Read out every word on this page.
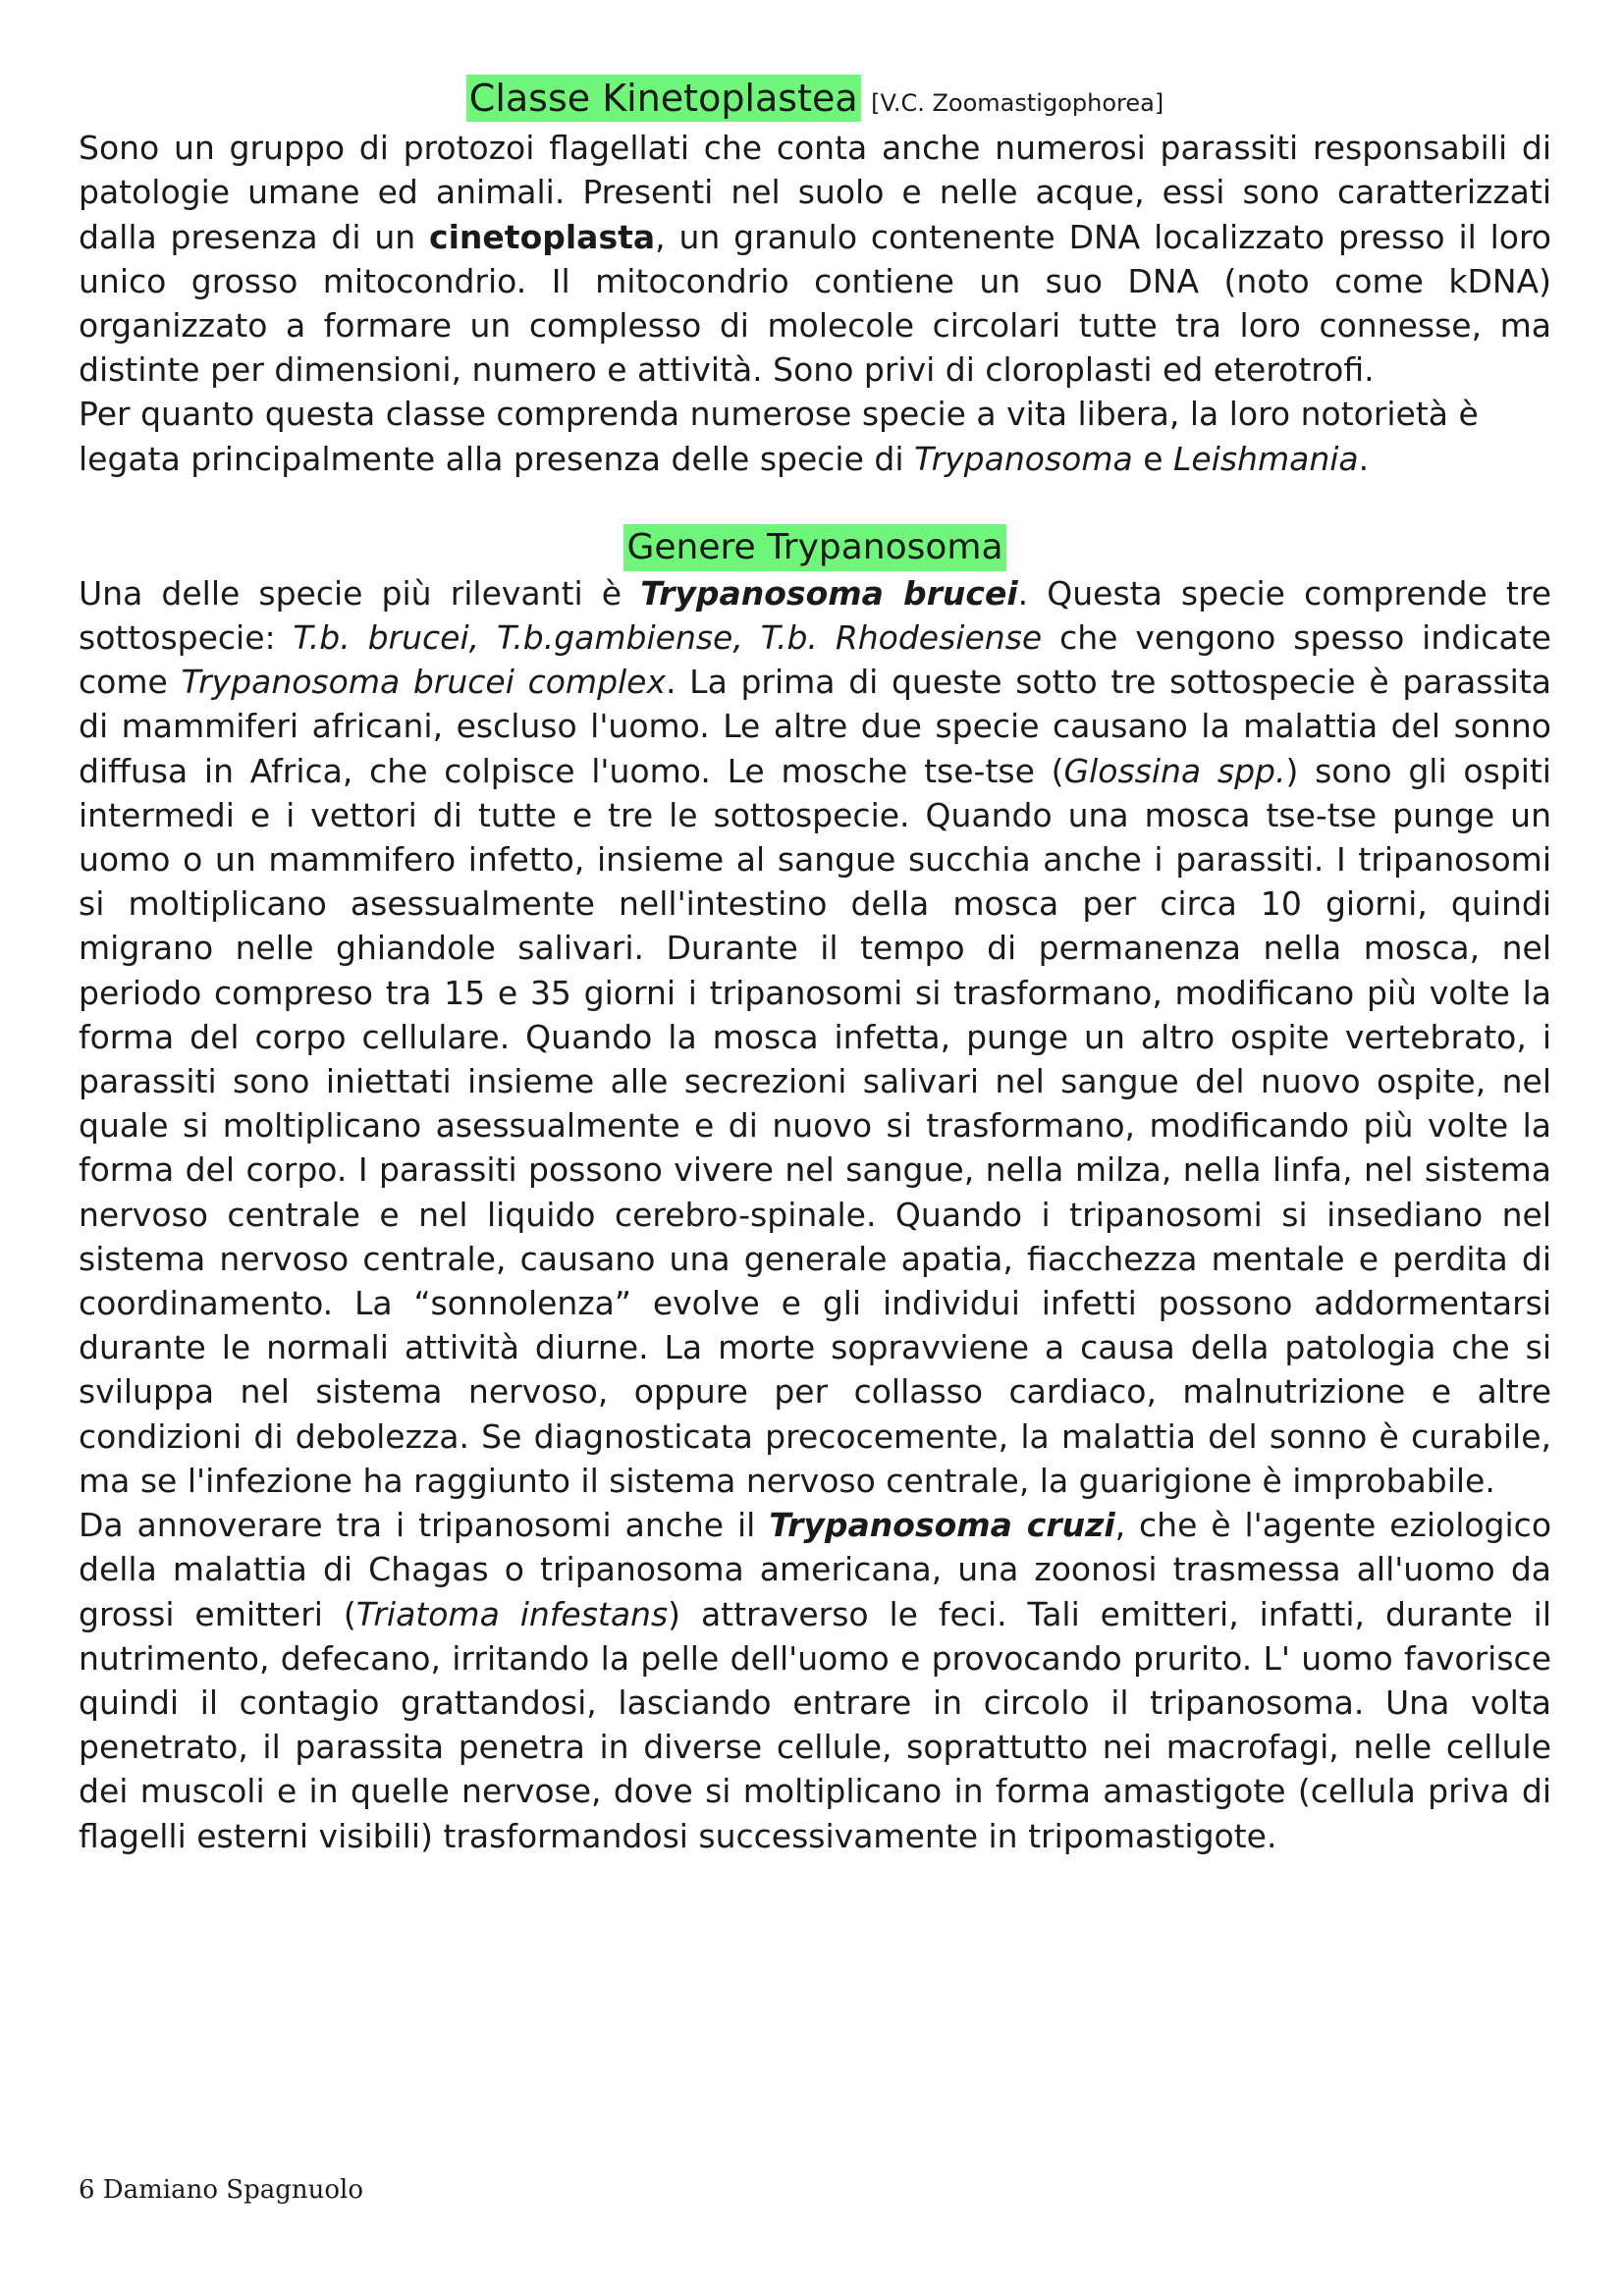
Classe Kinetoplastea [V.C. Zoomastigophorea]

Sono un gruppo di protozoi flagellati che conta anche numerosi parassiti responsabili di patologie umane ed animali. Presenti nel suolo e nelle acque, essi sono caratterizzati dalla presenza di un cinetoplasta, un granulo contenente DNA localizzato presso il loro unico grosso mitocondrio. Il mitocondrio contiene un suo DNA (noto come kDNA) organizzato a formare un complesso di molecole circolari tutte tra loro connesse, ma distinte per dimensioni, numero e attività. Sono privi di cloroplasti ed eterotrofi.

Per quanto questa classe comprenda numerose specie a vita libera, la loro notorietà è legata principalmente alla presenza delle specie di Trypanosoma e Leishmania.

Genere Trypanosoma

Una delle specie più rilevanti è Trypanosoma brucei. Questa specie comprende tre sottospecie: T.b. brucei, T.b.gambiense, T.b. Rhodesiense che vengono spesso indicate come Trypanosoma brucei complex. La prima di queste sotto tre sottospecie è parassita di mammiferi africani, escluso l'uomo. Le altre due specie causano la malattia del sonno diffusa in Africa, che colpisce l'uomo. Le mosche tse-tse (Glossina spp.) sono gli ospiti intermedi e i vettori di tutte e tre le sottospecie. Quando una mosca tse-tse punge un uomo o un mammifero infetto, insieme al sangue succhia anche i parassiti. I tripanosomi si moltiplicano asessualmente nell'intestino della mosca per circa 10 giorni, quindi migrano nelle ghiandole salivari. Durante il tempo di permanenza nella mosca, nel periodo compreso tra 15 e 35 giorni i tripanosomi si trasformano, modificano più volte la forma del corpo cellulare. Quando la mosca infetta, punge un altro ospite vertebrato, i parassiti sono iniettati insieme alle secrezioni salivari nel sangue del nuovo ospite, nel quale si moltiplicano asessualmente e di nuovo si trasformano, modificando più volte la forma del corpo. I parassiti possono vivere nel sangue, nella milza, nella linfa, nel sistema nervoso centrale e nel liquido cerebro-spinale. Quando i tripanosomi si insediano nel sistema nervoso centrale, causano una generale apatia, fiacchezza mentale e perdita di coordinamento. La “sonnolenza” evolve e gli individui infetti possono addormentarsi durante le normali attività diurne. La morte sopravviene a causa della patologia che si sviluppa nel sistema nervoso, oppure per collasso cardiaco, malnutrizione e altre condizioni di debolezza. Se diagnosticata precocemente, la malattia del sonno è curabile, ma se l'infezione ha raggiunto il sistema nervoso centrale, la guarigione è improbabile.

Da annoverare tra i tripanosomi anche il Trypanosoma cruzi, che è l'agente eziologico della malattia di Chagas o tripanosoma americana, una zoonosi trasmessa all'uomo da grossi emitteri (Triatoma infestans) attraverso le feci. Tali emitteri, infatti, durante il nutrimento, defecano, irritando la pelle dell'uomo e provocando prurito. L' uomo favorisce quindi il contagio grattandosi, lasciando entrare in circolo il tripanosoma. Una volta penetrato, il parassita penetra in diverse cellule, soprattutto nei macrofagi, nelle cellule dei muscoli e in quelle nervose, dove si moltiplicano in forma amastigote (cellula priva di flagelli esterni visibili) trasformandosi successivamente in tripomastigote.

6 Damiano Spagnuolo
